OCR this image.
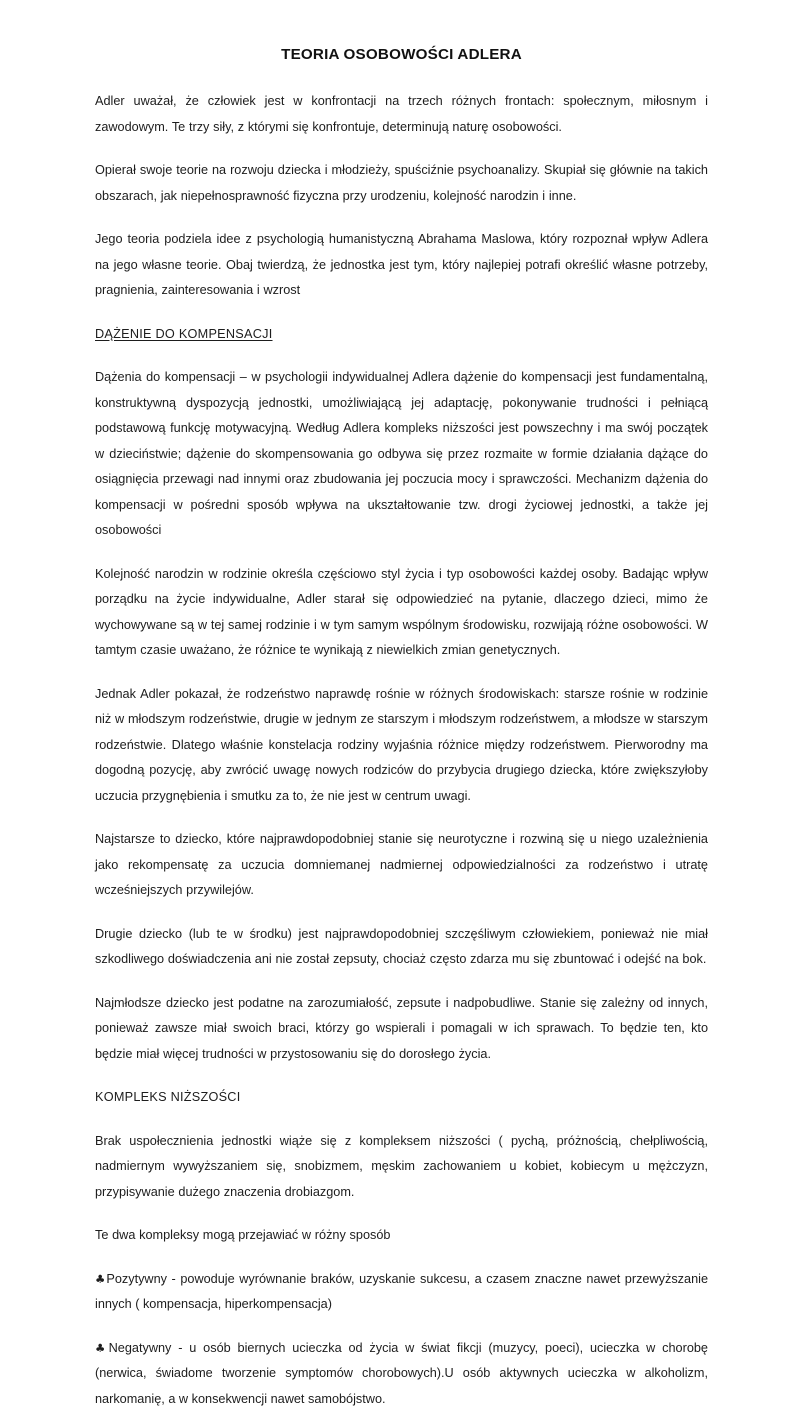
TEORIA OSOBOWOŚCI ADLERA

Adler uważał, że człowiek jest w konfrontacji na trzech różnych frontach: społecznym, miłosnym i zawodowym. Te trzy siły, z którymi się konfrontuje, determinują naturę osobowości.

Opierał swoje teorie na rozwoju dziecka i młodzieży, spuściźnie psychoanalizy. Skupiał się głównie na takich obszarach, jak niepełnosprawność fizyczna przy urodzeniu, kolejność narodzin i inne.

Jego teoria podziela idee z psychologią humanistyczną Abrahama Maslowa, który rozpoznał wpływ Adlera na jego własne teorie. Obaj twierdzą, że jednostka jest tym, który najlepiej potrafi określić własne potrzeby, pragnienia, zainteresowania i wzrost

DĄŻENIE DO KOMPENSACJI

Dążenia do kompensacji – w psychologii indywidualnej Adlera dążenie do kompensacji jest fundamentalną, konstruktywną dyspozycją jednostki, umożliwiającą jej adaptację, pokonywanie trudności i pełniącą podstawową funkcję motywacyjną. Według Adlera kompleks niższości jest powszechny i ma swój początek w dzieciństwie; dążenie do skompensowania go odbywa się przez rozmaite w formie działania dążące do osiągnięcia przewagi nad innymi oraz zbudowania jej poczucia mocy i sprawczości. Mechanizm dążenia do kompensacji w pośredni sposób wpływa na ukształtowanie tzw. drogi życiowej jednostki, a także jej osobowości

Kolejność narodzin w rodzinie określa częściowo styl życia i typ osobowości każdej osoby. Badając wpływ porządku na życie indywidualne, Adler starał się odpowiedzieć na pytanie, dlaczego dzieci, mimo że wychowywane są w tej samej rodzinie i w tym samym wspólnym środowisku, rozwijają różne osobowości. W tamtym czasie uważano, że różnice te wynikają z niewielkich zmian genetycznych.

Jednak Adler pokazał, że rodzeństwo naprawdę rośnie w różnych środowiskach: starsze rośnie w rodzinie niż w młodszym rodzeństwie, drugie w jednym ze starszym i młodszym rodzeństwem, a młodsze w starszym rodzeństwie. Dlatego właśnie konstelacja rodziny wyjaśnia różnice między rodzeństwem. Pierworodny ma dogodną pozycję, aby zwrócić uwagę nowych rodziców do przybycia drugiego dziecka, które zwiększyłoby uczucia przygnębienia i smutku za to, że nie jest w centrum uwagi.

Najstarsze to dziecko, które najprawdopodobniej stanie się neurotyczne i rozwiną się u niego uzależnienia jako rekompensatę za uczucia domniemanej nadmiernej odpowiedzialności za rodzeństwo i utratę wcześniejszych przywilejów.

Drugie dziecko (lub te w środku) jest najprawdopodobniej szczęśliwym człowiekiem, ponieważ nie miał szkodliwego doświadczenia ani nie został zepsuty, chociaż często zdarza mu się zbuntować i odejść na bok.

Najmłodsze dziecko jest podatne na zarozumiałość, zepsute i nadpobudliwe. Stanie się zależny od innych, ponieważ zawsze miał swoich braci, którzy go wspierali i pomagali w ich sprawach. To będzie ten, kto będzie miał więcej trudności w przystosowaniu się do dorosłego życia.

KOMPLEKS NIŻSZOŚCI

Brak uspołecznienia jednostki wiąże się z kompleksem niższości ( pychą, próżnością, chełpliwością, nadmiernym wywyższaniem się, snobizmem, męskim zachowaniem u kobiet, kobiecym u mężczyzn, przypisywanie dużego znaczenia drobiazgom.

Te dwa kompleksy mogą przejawiać w różny sposób

♣Pozytywny - powoduje wyrównanie braków, uzyskanie sukcesu, a czasem znaczne nawet przewyższanie innych ( kompensacja, hiperkompensacja)

♣Negatywny - u osób biernych ucieczka od życia w świat fikcji (muzycy, poeci), ucieczka w chorobę (nerwica, świadome tworzenie symptomów chorobowych).U osób aktywnych ucieczka w alkoholizm, narkomanię, a w konsekwencji nawet samobójstwo.
